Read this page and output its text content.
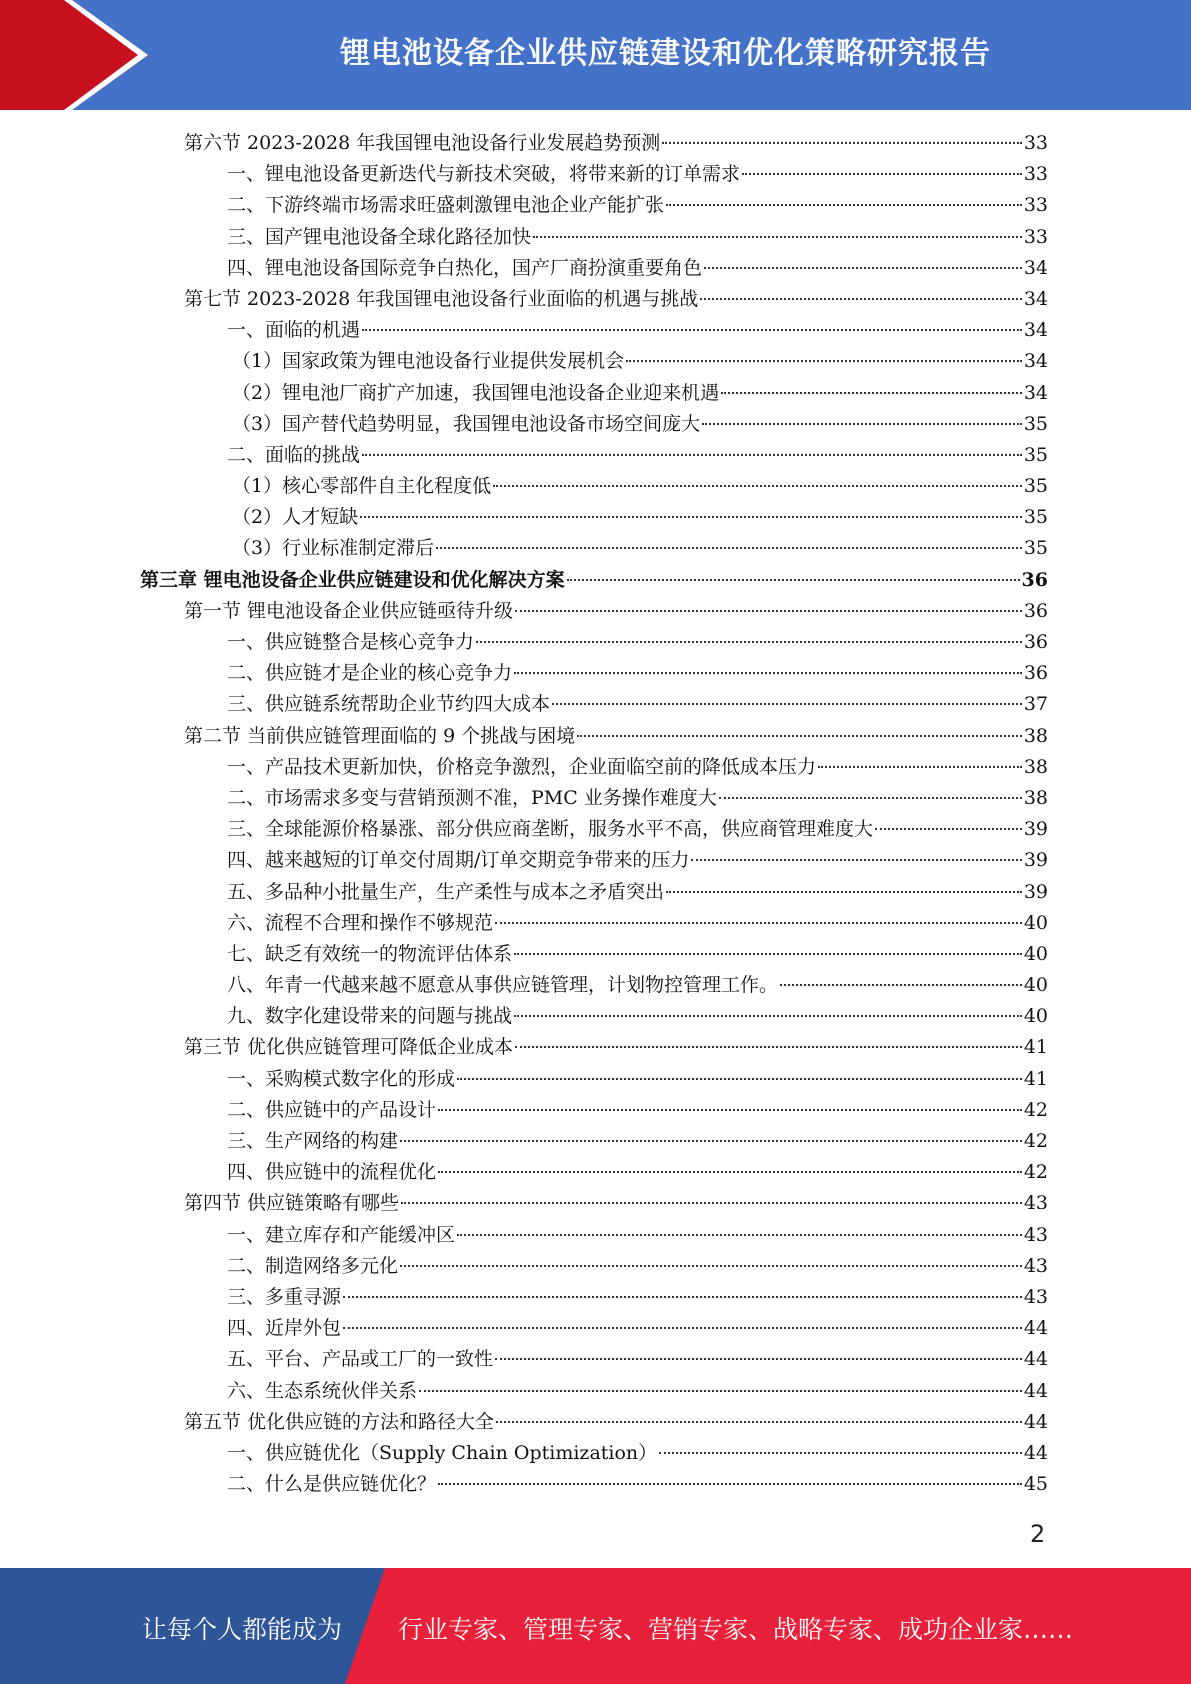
锂电池设备企业供应链建设和优化策略研究报告
第六节 2023-2028 年我国锂电池设备行业发展趋势预测	33
一、锂电池设备更新迭代与新技术突破，将带来新的订单需求	33
二、下游终端市场需求旺盛刺激锂电池企业产能扩张	33
三、国产锂电池设备全球化路径加快	33
四、锂电池设备国际竞争白热化，国产厂商扮演重要角色	34
第七节 2023-2028 年我国锂电池设备行业面临的机遇与挑战	34
一、面临的机遇	34
（1）国家政策为锂电池设备行业提供发展机会	34
（2）锂电池厂商扩产加速，我国锂电池设备企业迎来机遇	34
（3）国产替代趋势明显，我国锂电池设备市场空间庞大	35
二、面临的挑战	35
（1）核心零部件自主化程度低	35
（2）人才短缺	35
（3）行业标准制定滞后	35
第三章 锂电池设备企业供应链建设和优化解决方案	36
第一节 锂电池设备企业供应链亟待升级	36
一、供应链整合是核心竞争力	36
二、供应链才是企业的核心竞争力	36
三、供应链系统帮助企业节约四大成本	37
第二节 当前供应链管理面临的 9 个挑战与困境	38
一、产品技术更新加快，价格竞争激烈，企业面临空前的降低成本压力	38
二、市场需求多变与营销预测不准，PMC 业务操作难度大	38
三、全球能源价格暴涨、部分供应商垄断，服务水平不高，供应商管理难度大	39
四、越来越短的订单交付周期/订单交期竞争带来的压力	39
五、多品种小批量生产，生产柔性与成本之矛盾突出	39
六、流程不合理和操作不够规范	40
七、缺乏有效统一的物流评估体系	40
八、年青一代越来越不愿意从事供应链管理，计划物控管理工作。	40
九、数字化建设带来的问题与挑战	40
第三节 优化供应链管理可降低企业成本	41
一、采购模式数字化的形成	41
二、供应链中的产品设计	42
三、生产网络的构建	42
四、供应链中的流程优化	42
第四节 供应链策略有哪些	43
一、建立库存和产能缓冲区	43
二、制造网络多元化	43
三、多重寻源	43
四、近岸外包	44
五、平台、产品或工厂的一致性	44
六、生态系统伙伴关系	44
第五节 优化供应链的方法和路径大全	44
一、供应链优化（Supply Chain Optimization）	44
二、什么是供应链优化？	45
2
让每个人都能成为 行业专家、管理专家、营销专家、战略专家、成功企业家……
